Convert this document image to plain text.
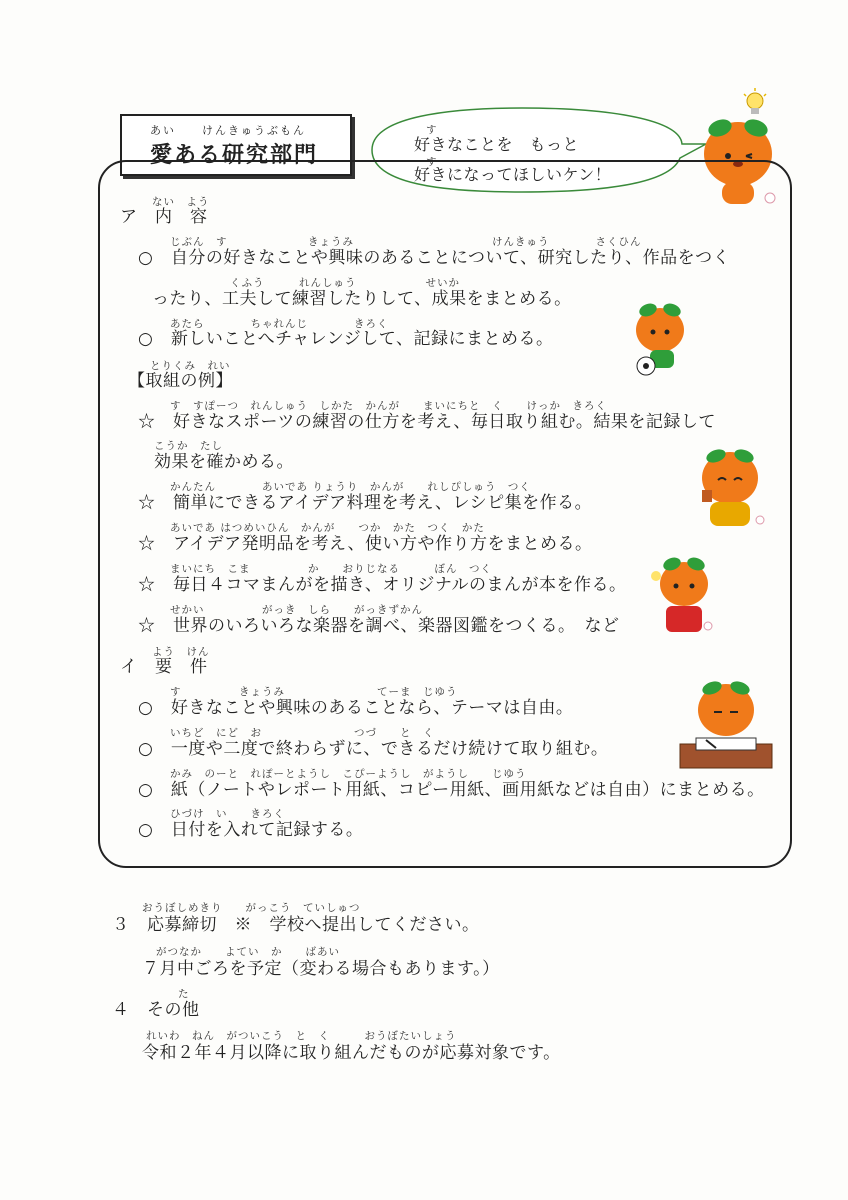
あい　　けんきゅうぶもん
愛ある研究部門
す
好きなことを　もっと
す
好きになってほしいケン！
ない　よう
ア　内　容
じぶん　す　　　　　　　きょうみ　　　　　　　　　　　　けんきゅう　　　　さくひん
○　自分の好きなことや興味のあることについて、研究したり、作品をつく
くふう　　　れんしゅう　　　　　　せいか
ったり、工夫して練習したりして、成果をまとめる。
あたら　　　　ちゃれんじ　　　　きろく
○　新しいことへチャレンジして、記録にまとめる。
とりくみ　れい
【取組の例】
す　すぽーつ　れんしゅう　しかた　かんが　　まいにちと　く　　けっか　きろく
☆　好きなスポーツの練習の仕方を考え、毎日取り組む。結果を記録して
こうか　たし
効果を確かめる。
かんたん　　　　あいであ りょうり　かんが　　れしぴしゅう　つく
☆　簡単にできるアイデア料理を考え、レシピ集を作る。
あいであ はつめいひん　かんが　　つか　かた　つく　かた
☆　アイデア発明品を考え、使い方や作り方をまとめる。
まいにち　こま　　　　　か　　おりじなる　　　ぼん　つく
☆　毎日４コマまんがを描き、オリジナルのまんが本を作る。
せかい　　　　　がっき　しら　　がっきずかん
☆　世界のいろいろな楽器を調べ、楽器図鑑をつくる。　など
よう　けん
イ　要　件
す　　　　　きょうみ　　　　　　　　てーま　じゆう
○　好きなことや興味のあることなら、テーマは自由。
いちど　にど　お　　　　　　　　つづ　　と　く
○　一度や二度で終わらずに、できるだけ続けて取り組む。
かみ　のーと　れぽーとようし　こぴーようし　がようし　　じゆう
○　紙（ノートやレポート用紙、コピー用紙、画用紙などは自由）にまとめる。
ひづけ　い　　きろく
○　日付を入れて記録する。
おうぼしめきり　　がっこう　ていしゅつ
３　応募締切　※　学校へ提出してください。
がつなか　　よてい　か　　ばあい
７月中ごろを予定（変わる場合もあります。）
た
４　その他
れいわ　ねん　がついこう　と　く　　　おうぼたいしょう
令和２年４月以降に取り組んだものが応募対象です。
